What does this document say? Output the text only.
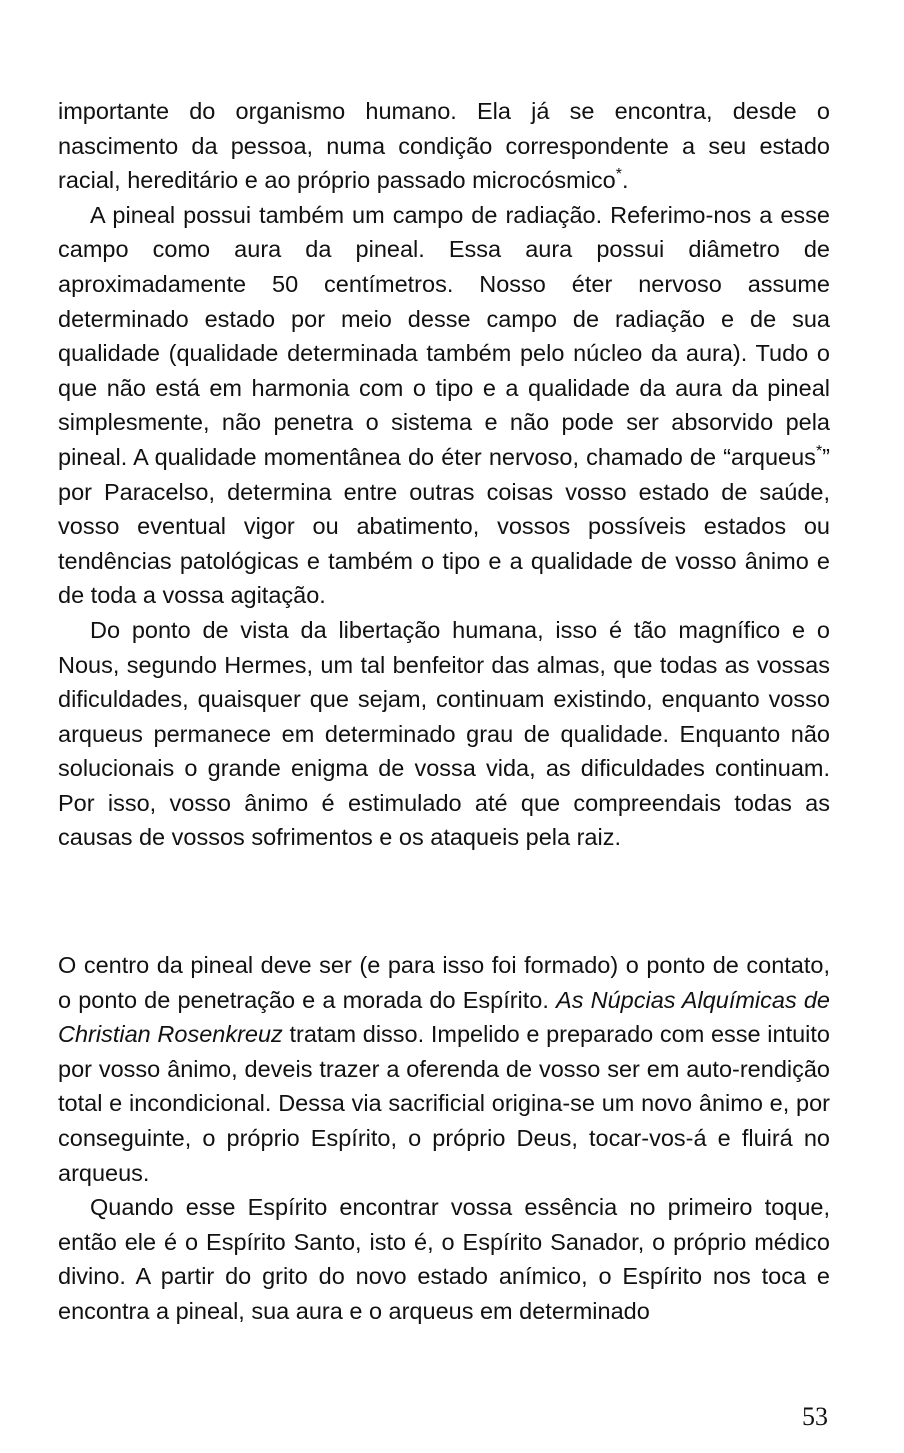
importante do organismo humano. Ela já se encontra, desde o nascimento da pessoa, numa condição correspondente a seu estado racial, hereditário e ao próprio passado microcósmico*.

A pineal possui também um campo de radiação. Referimo-nos a esse campo como aura da pineal. Essa aura possui diâmetro de aproximadamente 50 centímetros. Nosso éter nervoso assume determinado estado por meio desse campo de radiação e de sua qualidade (qualidade determinada também pelo núcleo da aura). Tudo o que não está em harmonia com o tipo e a qualidade da aura da pineal simplesmente, não penetra o sistema e não pode ser absorvido pela pineal. A qualidade momentânea do éter nervoso, chamado de “arqueus*” por Paracelso, determina entre outras coisas vosso estado de saúde, vosso eventual vigor ou abatimento, vossos possíveis estados ou tendências patológicas e também o tipo e a qualidade de vosso ânimo e de toda a vossa agitação.

Do ponto de vista da libertação humana, isso é tão magnífico e o Nous, segundo Hermes, um tal benfeitor das almas, que todas as vossas dificuldades, quaisquer que sejam, continuam existindo, enquanto vosso arqueus permanece em determinado grau de qualidade. Enquanto não solucionais o grande enigma de vossa vida, as dificuldades continuam. Por isso, vosso ânimo é estimulado até que compreendais todas as causas de vossos sofrimentos e os ataqueis pela raiz.

O centro da pineal deve ser (e para isso foi formado) o ponto de contato, o ponto de penetração e a morada do Espírito. As Núpcias Alquímicas de Christian Rosenkreuz tratam disso. Impelido e preparado com esse intuito por vosso ânimo, deveis trazer a oferenda de vosso ser em auto-rendição total e incondicional. Dessa via sacrificial origina-se um novo ânimo e, por conseguinte, o próprio Espírito, o próprio Deus, tocar-vos-á e fluirá no arqueus.

Quando esse Espírito encontrar vossa essência no primeiro toque, então ele é o Espírito Santo, isto é, o Espírito Sanador, o próprio médico divino. A partir do grito do novo estado anímico, o Espírito nos toca e encontra a pineal, sua aura e o arqueus em determinado

53
